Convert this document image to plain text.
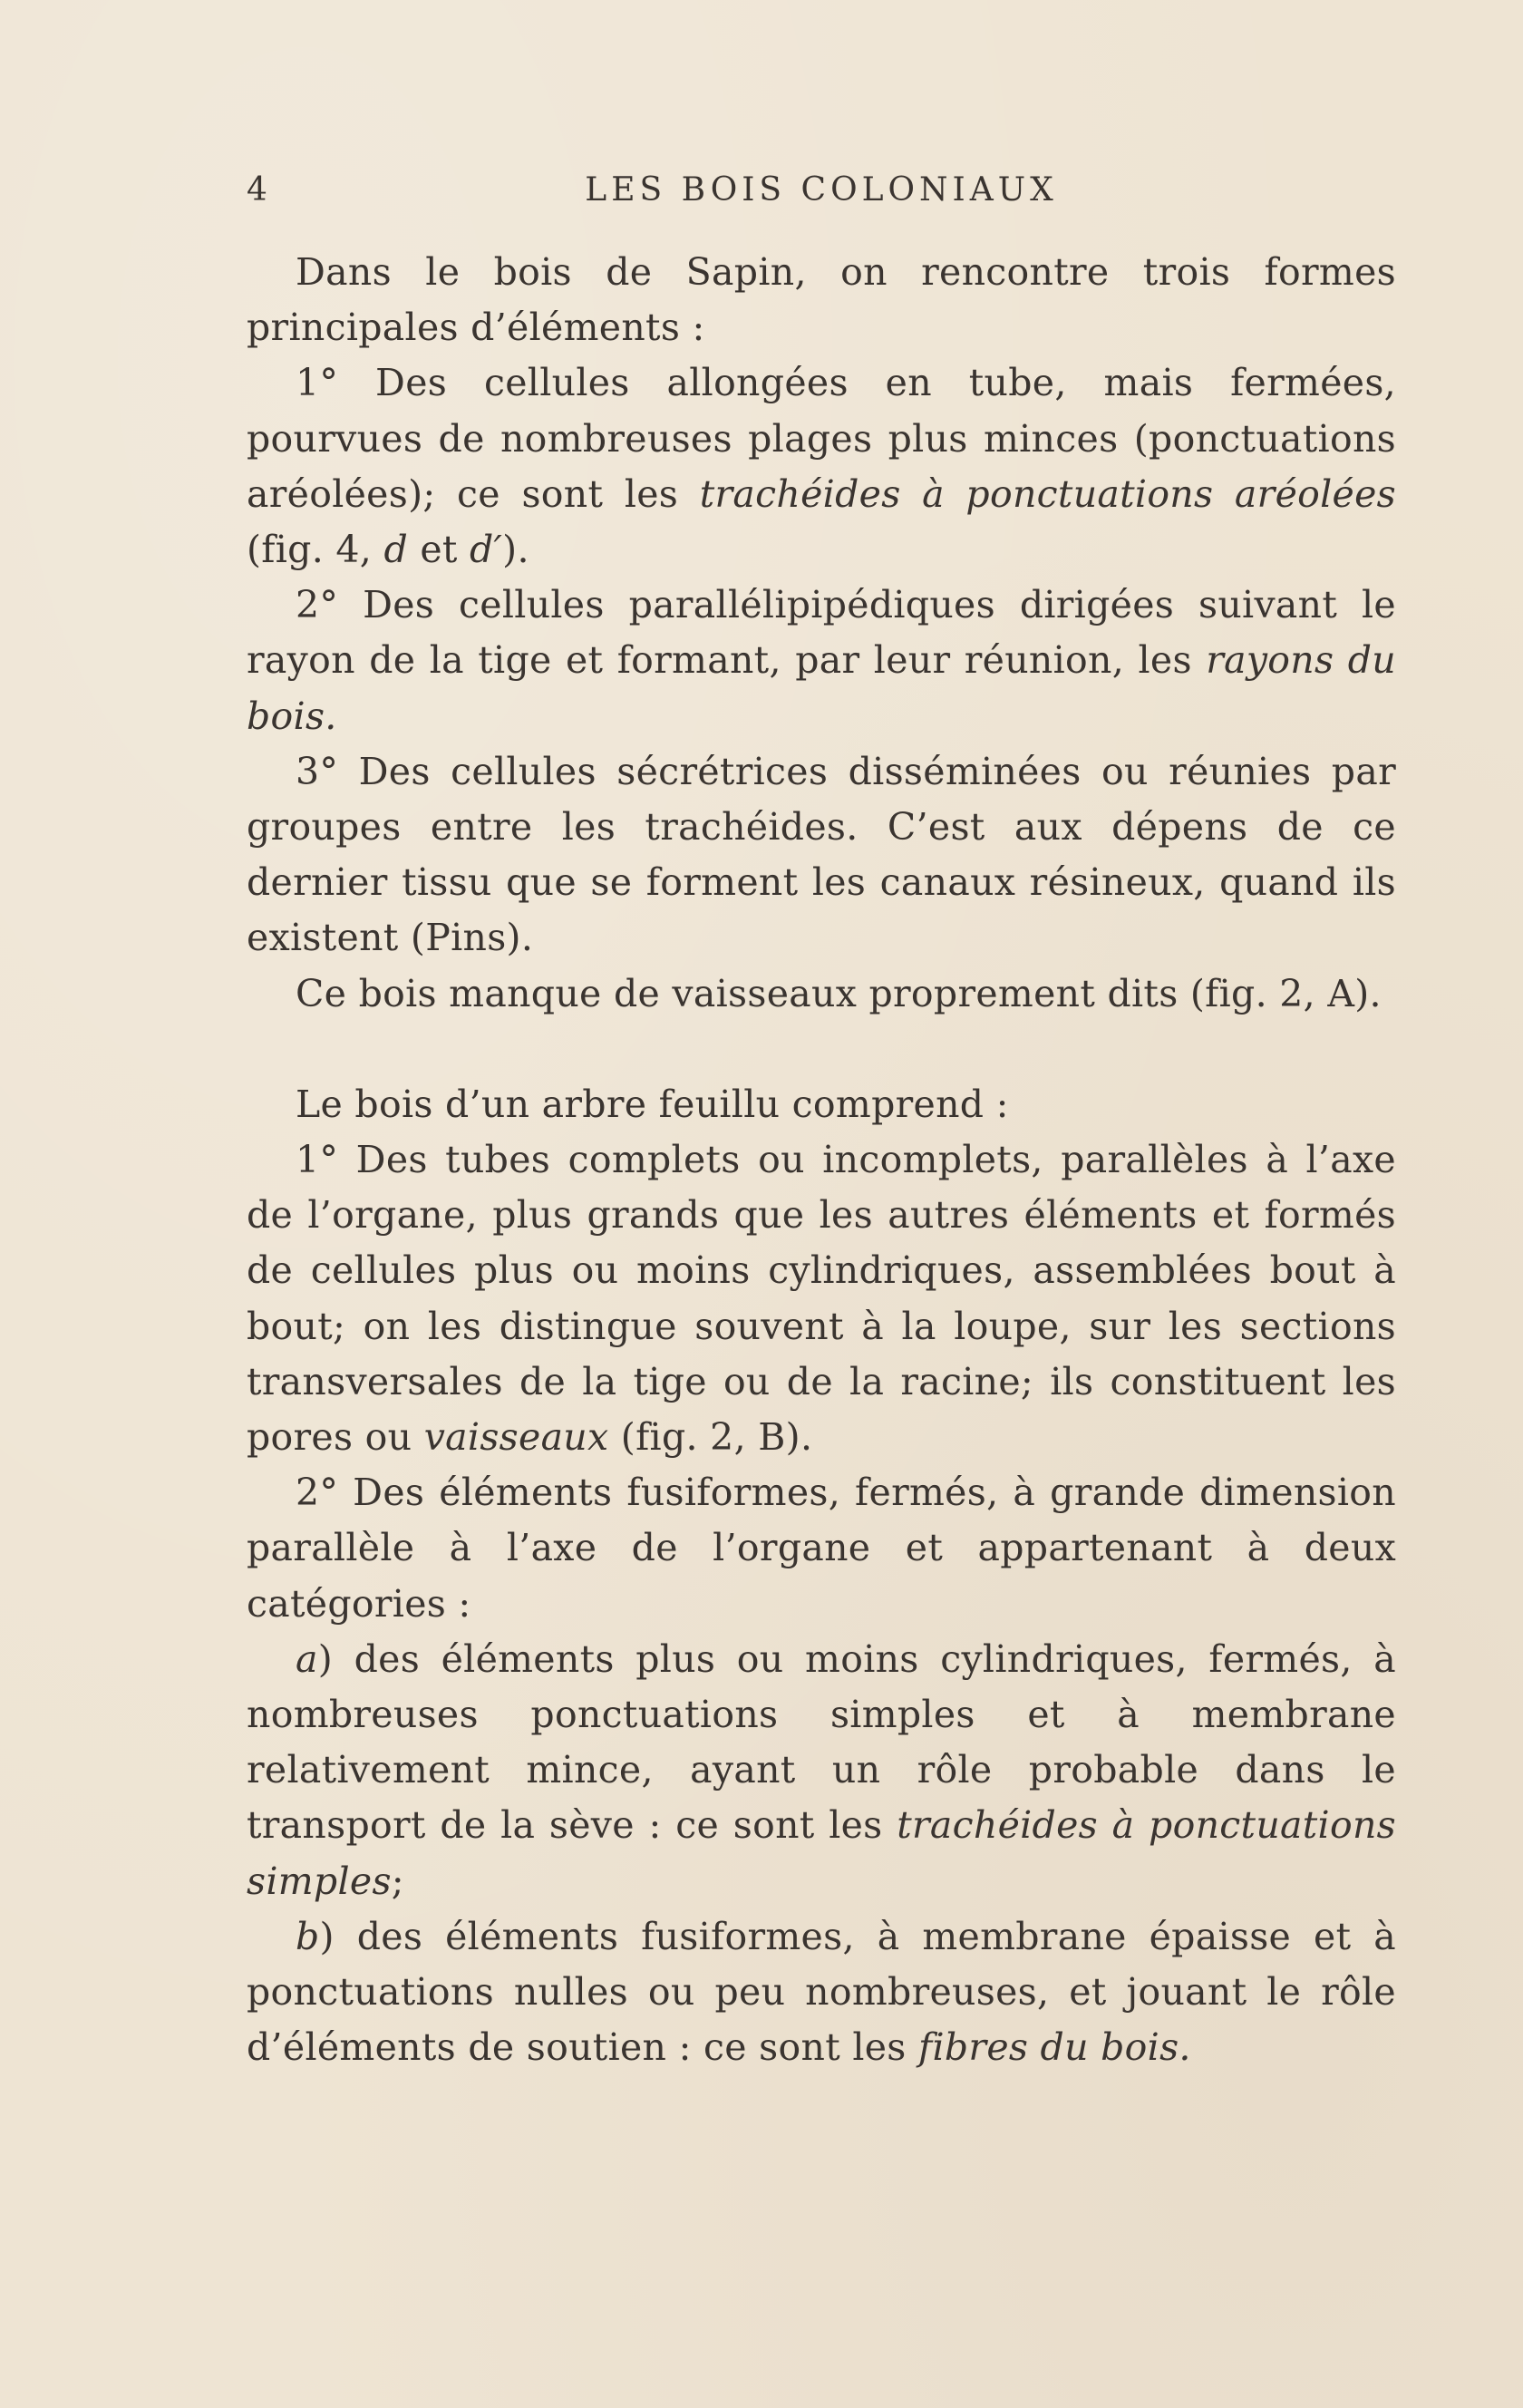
4	LES BOIS COLONIAUX

Dans le bois de Sapin, on rencontre trois formes principales d’éléments :

1° Des cellules allongées en tube, mais fermées, pourvues de nombreuses plages plus minces (ponctuations aréolées); ce sont les trachéides à ponctuations aréolées (fig. 4, d et d′).

2° Des cellules parallélipipédiques dirigées suivant le rayon de la tige et formant, par leur réunion, les rayons du bois.

3° Des cellules sécrétrices disséminées ou réunies par groupes entre les trachéides. C’est aux dépens de ce dernier tissu que se forment les canaux résineux, quand ils existent (Pins).

Ce bois manque de vaisseaux proprement dits (fig. 2, A).

Le bois d’un arbre feuillu comprend :

1° Des tubes complets ou incomplets, parallèles à l’axe de l’organe, plus grands que les autres éléments et formés de cellules plus ou moins cylindriques, assemblées bout à bout; on les distingue souvent à la loupe, sur les sections transversales de la tige ou de la racine; ils constituent les pores ou vaisseaux (fig. 2, B).

2° Des éléments fusiformes, fermés, à grande dimension parallèle à l’axe de l’organe et appartenant à deux catégories :

a) des éléments plus ou moins cylindriques, fermés, à nombreuses ponctuations simples et à membrane relativement mince, ayant un rôle probable dans le transport de la sève : ce sont les trachéides à ponctuations simples;

b) des éléments fusiformes, à membrane épaisse et à ponctuations nulles ou peu nombreuses, et jouant le rôle d’éléments de soutien : ce sont les fibres du bois.
